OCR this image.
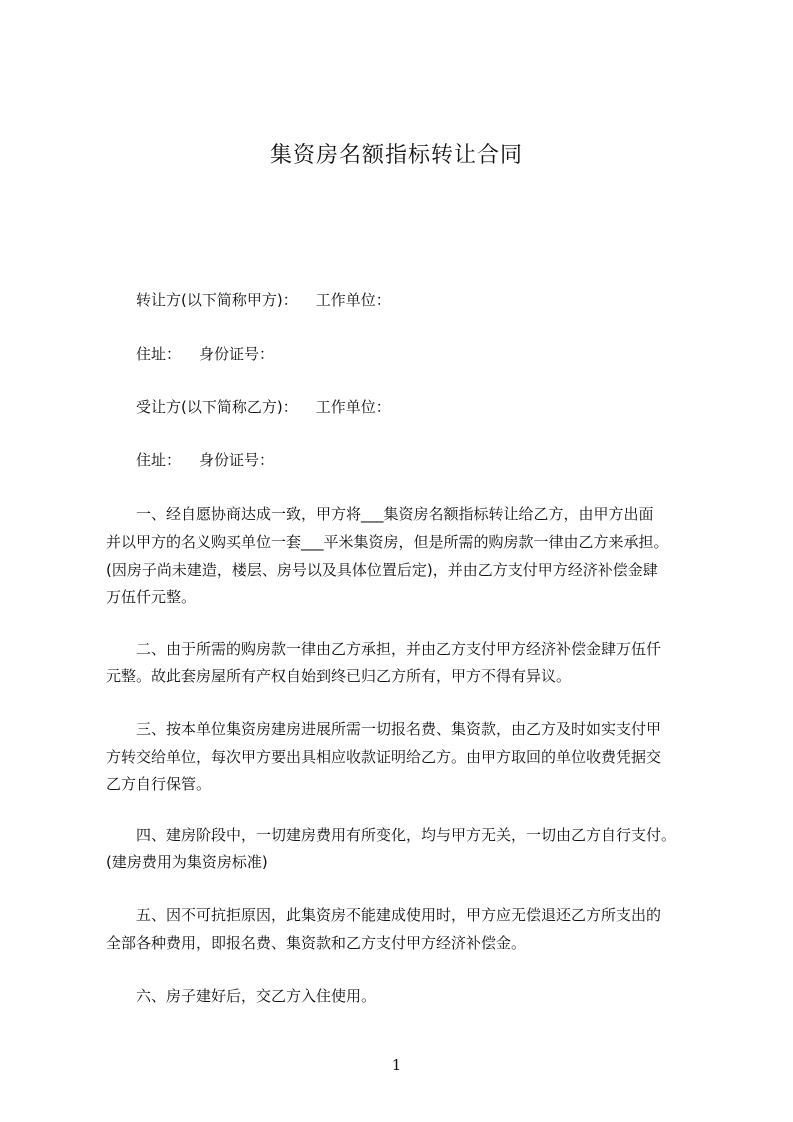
集资房名额指标转让合同
转让方(以下简称甲方)： 工作单位：
住址： 身份证号：
受让方(以下简称乙方)： 工作单位：
住址： 身份证号：
一、经自愿协商达成一致，甲方将___集资房名额指标转让给乙方，由甲方出面
并以甲方的名义购买单位一套___平米集资房，但是所需的购房款一律由乙方来承担。
(因房子尚未建造，楼层、房号以及具体位置后定)，并由乙方支付甲方经济补偿金肆
万伍仟元整。
二、由于所需的购房款一律由乙方承担，并由乙方支付甲方经济补偿金肆万伍仟
元整。故此套房屋所有产权自始到终已归乙方所有，甲方不得有异议。
三、按本单位集资房建房进展所需一切报名费、集资款，由乙方及时如实支付甲
方转交给单位，每次甲方要出具相应收款证明给乙方。由甲方取回的单位收费凭据交
乙方自行保管。
四、建房阶段中，一切建房费用有所变化，均与甲方无关，一切由乙方自行支付。
(建房费用为集资房标准)
五、因不可抗拒原因，此集资房不能建成使用时，甲方应无偿退还乙方所支出的
全部各种费用，即报名费、集资款和乙方支付甲方经济补偿金。
六、房子建好后，交乙方入住使用。
1
